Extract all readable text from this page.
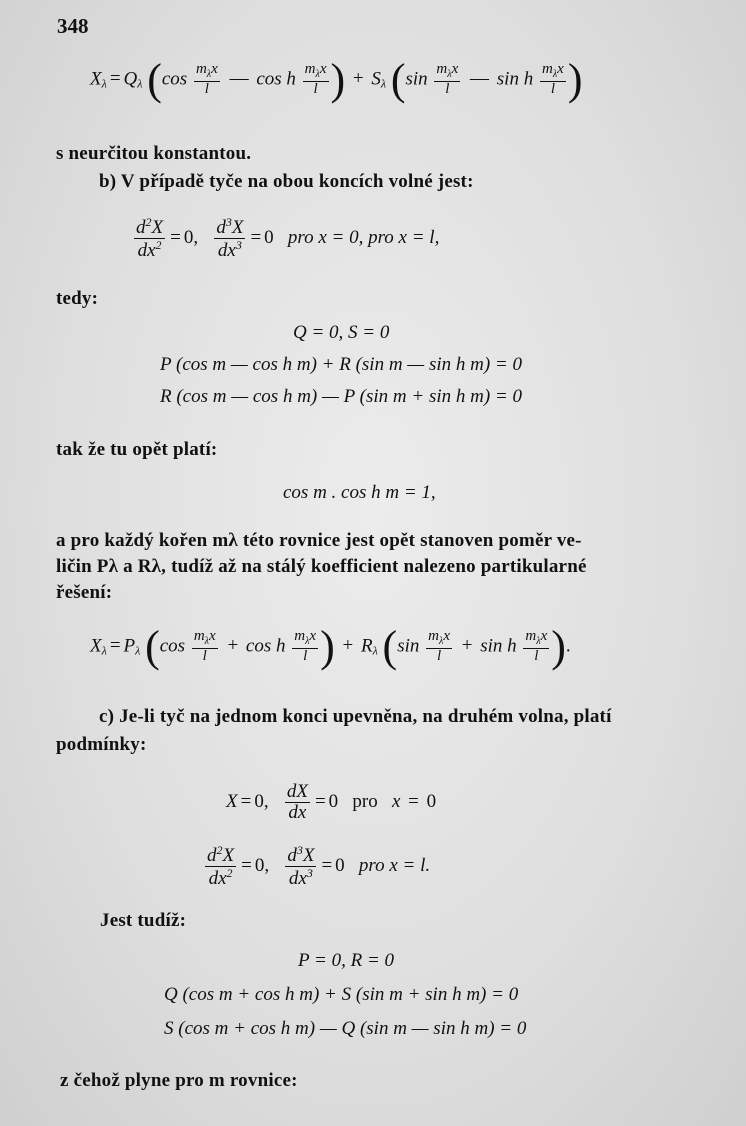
348
$X_\lambda = Q_\lambda$ ($\cos \frac{m_\lambda x}{l}$ — cos h $\frac{m_\lambda x}{l}$ ) + $S_\lambda$ ($\sin \frac{m_\lambda x}{l}$ — sin h $\frac{m_\lambda x}{l}$ )
s neurčitou konstantou.
b) V případě tyče na obou koncích volné jest:
$\frac{d^2X}{dx^2} = 0$, $\frac{d^3X}{dx^3} = 0$ pro x = 0, pro x = l,
tedy:
Q = 0, S = 0
P (cos m — cos h m) + R (sin m — sin h m) = 0
R (cos m — cos h m) — P (sin m + sin h m) = 0
tak že tu opět platí:
cos m . cos h m = 1,
a pro každý kořen mλ této rovnice jest opět stanoven poměr ve-
ličin Pλ a Rλ, tudíž až na stálý koefficient nalezeno partikularné
řešení:
$X_\lambda = P_\lambda$ ($\cos \frac{m_\lambda x}{l} + \cos h \frac{m_\lambda x}{l}$ ) + $R_\lambda$ ($\sin \frac{m_\lambda x}{l} + \sin h \frac{m_\lambda x}{l}$ ).
c) Je-li tyč na jednom konci upevněna, na druhém volna, platí
podmínky:
X = 0, $\frac{dX}{dx} = 0$ pro   x = 0
$\frac{d^2X}{dx^2} = 0$, $\frac{d^3X}{dx^3} = 0$ pro x = l.
Jest tudíž:
P = 0, R = 0
Q (cos m + cos h m) + S (sin m + sin h m) = 0
S (cos m + cos h m) — Q (sin m — sin h m) = 0
z čehož plyne pro m rovnice:
